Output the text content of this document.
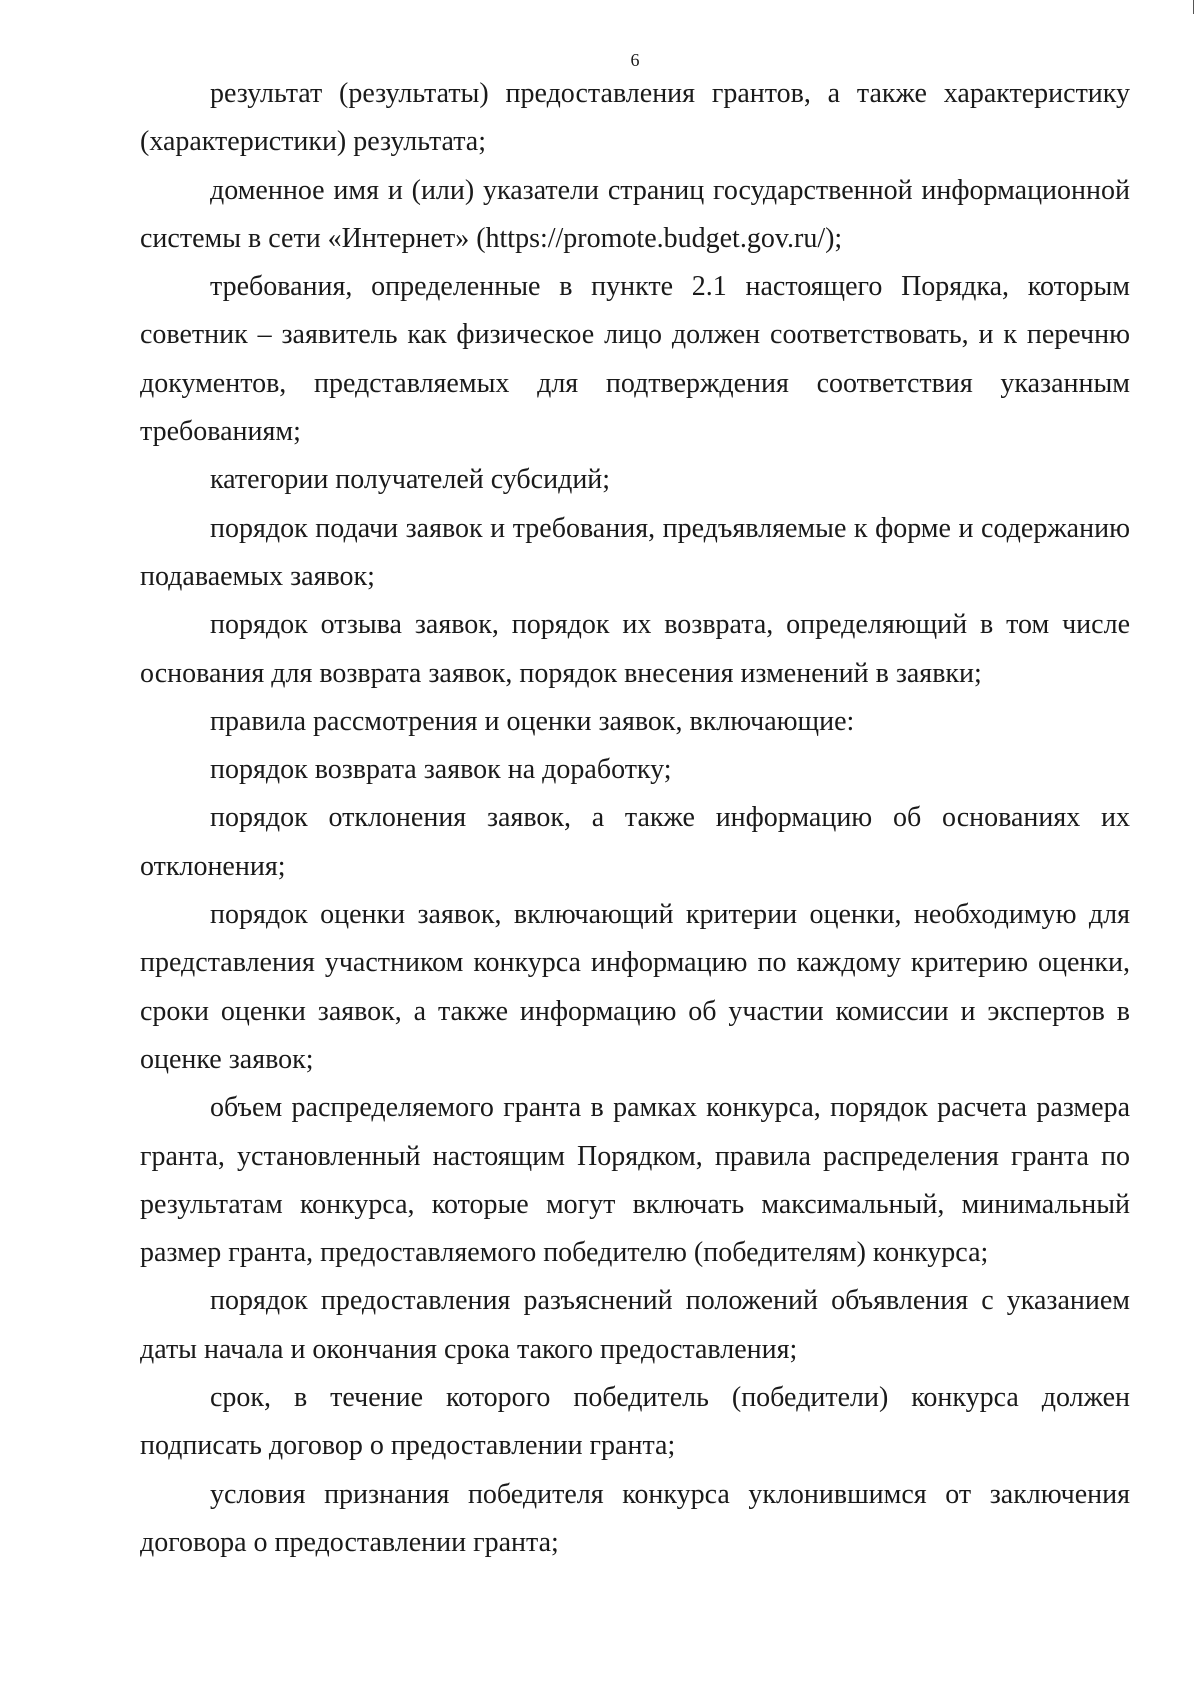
6

результат (результаты) предоставления грантов, а также характеристику (характеристики) результата;

доменное имя и (или) указатели страниц государственной информационной системы в сети «Интернет» (https://promote.budget.gov.ru/);

требования, определенные в пункте 2.1 настоящего Порядка, которым советник – заявитель как физическое лицо должен соответствовать, и к перечню документов, представляемых для подтверждения соответствия указанным требованиям;

категории получателей субсидий;

порядок подачи заявок и требования, предъявляемые к форме и содержанию подаваемых заявок;

порядок отзыва заявок, порядок их возврата, определяющий в том числе основания для возврата заявок, порядок внесения изменений в заявки;

правила рассмотрения и оценки заявок, включающие:

порядок возврата заявок на доработку;

порядок отклонения заявок, а также информацию об основаниях их отклонения;

порядок оценки заявок, включающий критерии оценки, необходимую для представления участником конкурса информацию по каждому критерию оценки, сроки оценки заявок, а также информацию об участии комиссии и экспертов в оценке заявок;

объем распределяемого гранта в рамках конкурса, порядок расчета размера гранта, установленный настоящим Порядком, правила распределения гранта по результатам конкурса, которые могут включать максимальный, минимальный размер гранта, предоставляемого победителю (победителям) конкурса;

порядок предоставления разъяснений положений объявления с указанием даты начала и окончания срока такого предоставления;

срок, в течение которого победитель (победители) конкурса должен подписать договор о предоставлении гранта;

условия признания победителя конкурса уклонившимся от заключения договора о предоставлении гранта;
